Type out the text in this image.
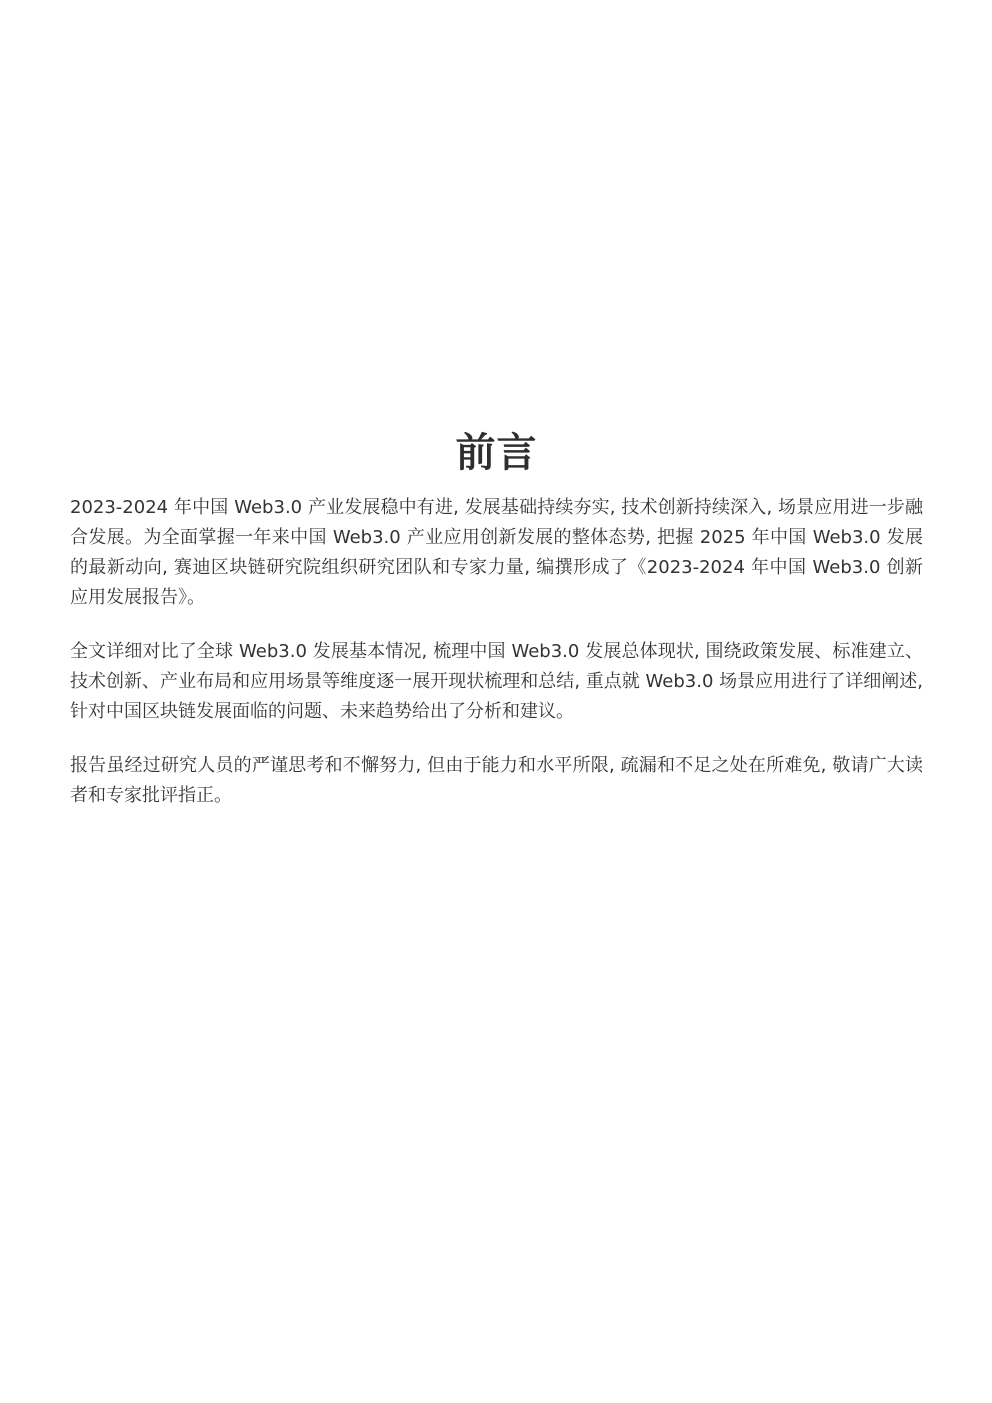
前言

2023-2024 年中国 Web3.0 产业发展稳中有进, 发展基础持续夯实, 技术创新持续深入, 场景应用进一步融合发展。为全面掌握一年来中国 Web3.0 产业应用创新发展的整体态势, 把握 2025 年中国 Web3.0 发展的最新动向, 赛迪区块链研究院组织研究团队和专家力量, 编撰形成了《2023-2024 年中国 Web3.0 创新应用发展报告》。

全文详细对比了全球 Web3.0 发展基本情况, 梳理中国 Web3.0 发展总体现状, 围绕政策发展、标准建立、技术创新、产业布局和应用场景等维度逐一展开现状梳理和总结, 重点就 Web3.0 场景应用进行了详细阐述, 针对中国区块链发展面临的问题、未来趋势给出了分析和建议。

报告虽经过研究人员的严谨思考和不懈努力, 但由于能力和水平所限, 疏漏和不足之处在所难免, 敬请广大读者和专家批评指正。
